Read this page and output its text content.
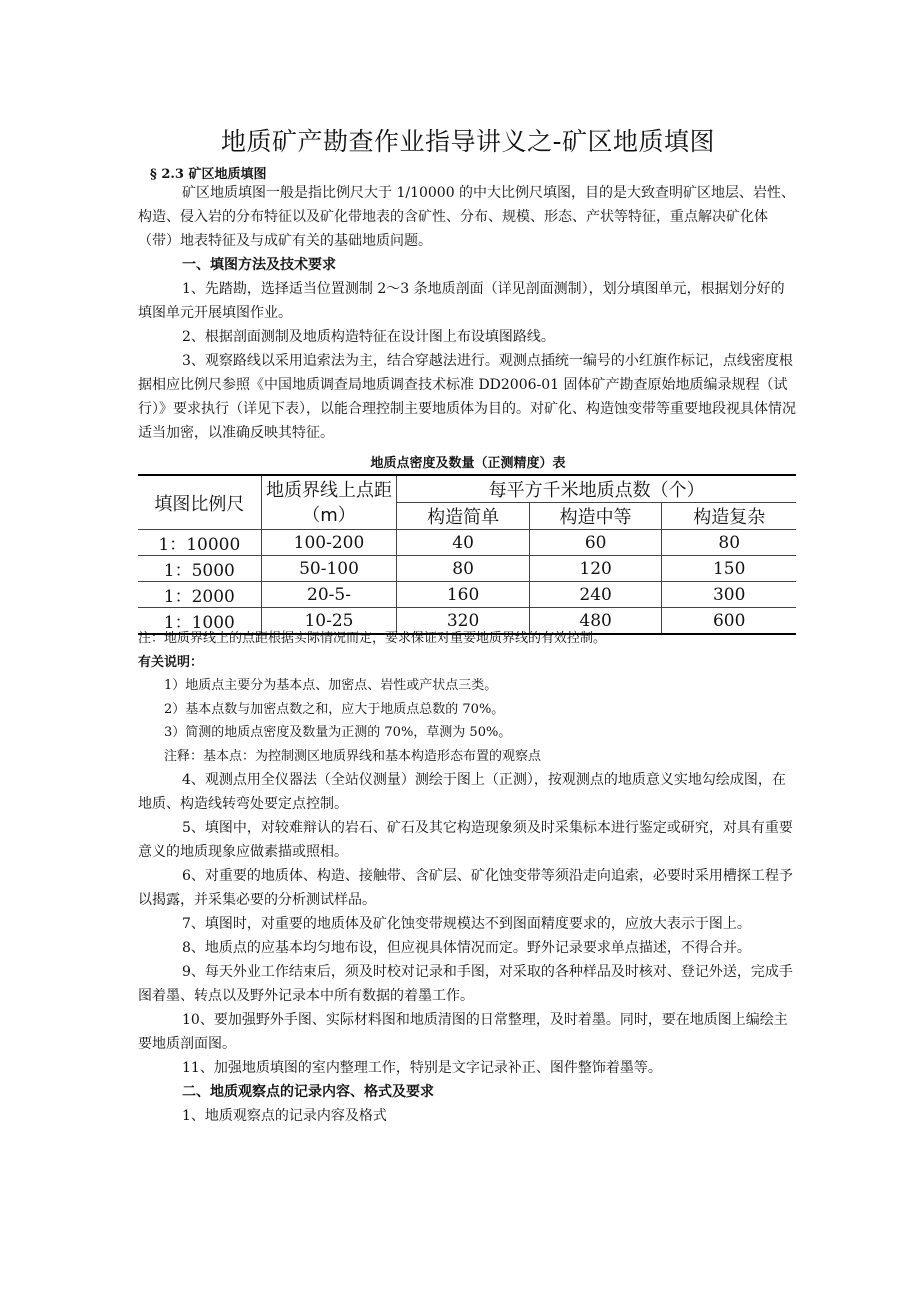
地质矿产勘查作业指导讲义之-矿区地质填图
§ 2.3 矿区地质填图

矿区地质填图一般是指比例尺大于 1/10000 的中大比例尺填图，目的是大致查明矿区地层、岩性、构造、侵入岩的分布特征以及矿化带地表的含矿性、分布、规模、形态、产状等特征，重点解决矿化体（带）地表特征及与成矿有关的基础地质问题。

一、填图方法及技术要求

1、先踏勘，选择适当位置测制 2～3 条地质剖面（详见剖面测制），划分填图单元，根据划分好的填图单元开展填图作业。

2、根据剖面测制及地质构造特征在设计图上布设填图路线。

3、观察路线以采用追索法为主，结合穿越法进行。观测点插统一编号的小红旗作标记，点线密度根据相应比例尺参照《中国地质调查局地质调查技术标准 DD2006-01 固体矿产勘查原始地质编录规程（试行）》要求执行（详见下表），以能合理控制主要地质体为目的。对矿化、构造蚀变带等重要地段视具体情况适当加密，以准确反映其特征。

地质点密度及数量（正测精度）表
填图比例尺	地质界线上点距（m）	每平方千米地质点数（个）		
		构造简单	构造中等	构造复杂
1：10000	100-200	40	60	80
1：5000	50-100	80	120	150
1：2000	20-5-	160	240	300
1：1000	10-25	320	480	600

注：地质界线上的点距根据实际情况而定，要求保证对重要地质界线的有效控制。

有关说明：

1）地质点主要分为基本点、加密点、岩性或产状点三类。

2）基本点数与加密点数之和，应大于地质点总数的 70%。

3）简测的地质点密度及数量为正测的 70%，草测为 50%。

注释：基本点：为控制测区地质界线和基本构造形态布置的观察点

4、观测点用全仪器法（全站仪测量）测绘于图上（正测），按观测点的地质意义实地勾绘成图，在地质、构造线转弯处要定点控制。

5、填图中，对较难辩认的岩石、矿石及其它构造现象须及时采集标本进行鉴定或研究，对具有重要意义的地质现象应做素描或照相。

6、对重要的地质体、构造、接触带、含矿层、矿化蚀变带等须沿走向追索，必要时采用槽探工程予以揭露，并采集必要的分析测试样品。

7、填图时，对重要的地质体及矿化蚀变带规模达不到图面精度要求的，应放大表示于图上。

8、地质点的应基本均匀地布设，但应视具体情况而定。野外记录要求单点描述，不得合并。

9、每天外业工作结束后，须及时校对记录和手图，对采取的各种样品及时核对、登记外送，完成手图着墨、转点以及野外记录本中所有数据的着墨工作。

10、要加强野外手图、实际材料图和地质清图的日常整理，及时着墨。同时，要在地质图上编绘主要地质剖面图。

11、加强地质填图的室内整理工作，特别是文字记录补正、图件整饰着墨等。

二、地质观察点的记录内容、格式及要求

1、地质观察点的记录内容及格式
